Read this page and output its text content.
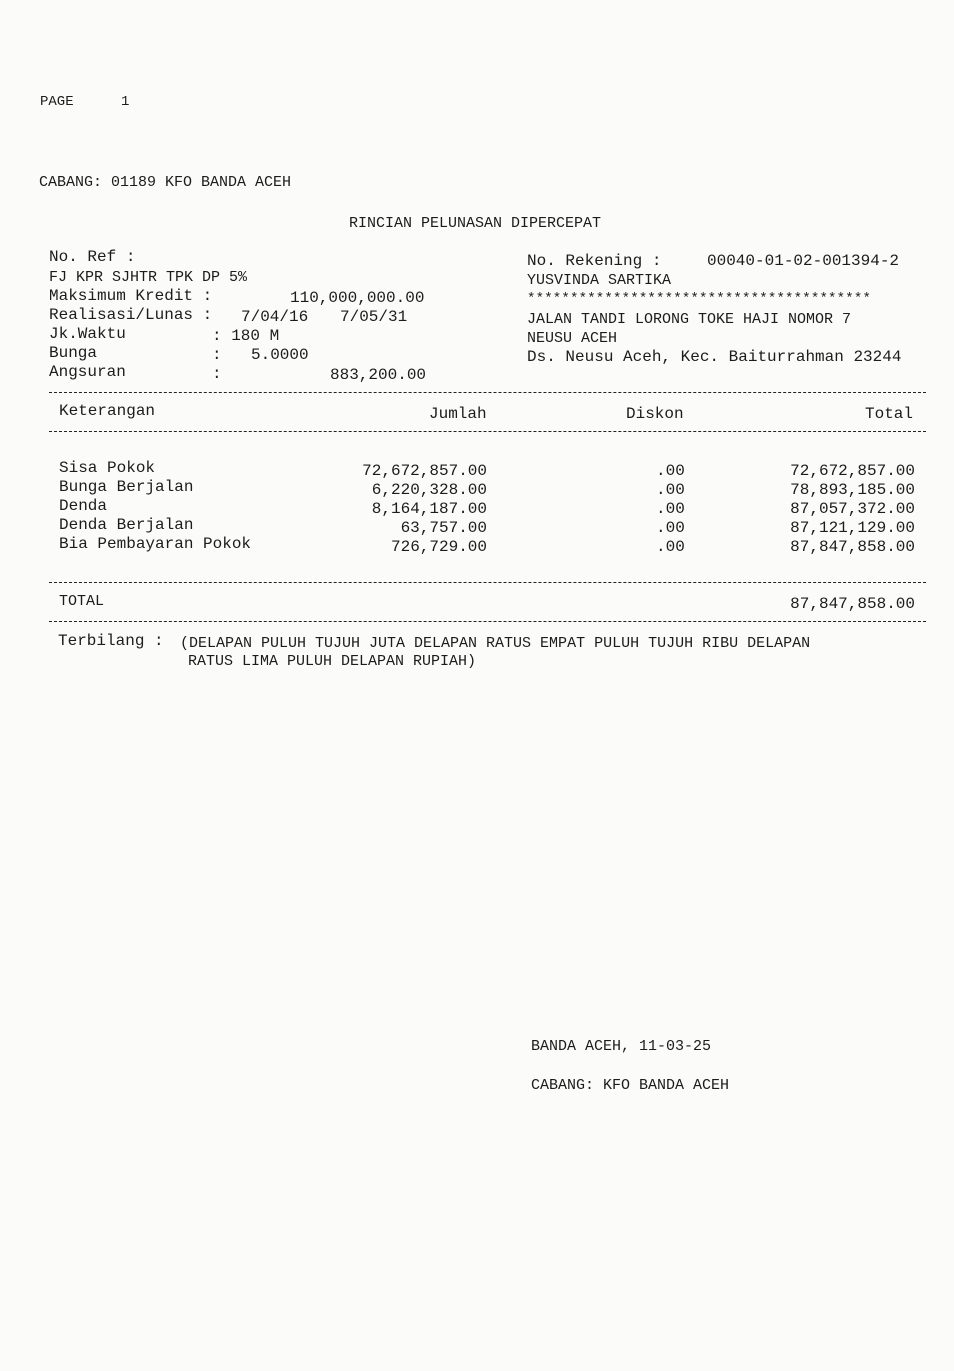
PAGE	1
CABANG: 01189 KFO BANDA ACEH
RINCIAN PELUNASAN DIPERCEPAT
No. Ref :
FJ KPR SJHTR TPK DP 5%
Maksimum Kredit :	110,000,000.00
Realisasi/Lunas : 7/04/16 7/05/31
Jk.Waktu	: 180 M
Bunga	: 5.0000
Angsuran	:	883,200.00
No. Rekening :	00040-01-02-001394-2
YUSVINDA SARTIKA
****************************************
JALAN TANDI LORONG TOKE HAJI NOMOR 7
NEUSU ACEH
Ds. Neusu Aceh, Kec. Baiturrahman 23244
Keterangan	Jumlah	Diskon	Total
Sisa Pokok	72,672,857.00	.00	72,672,857.00
Bunga Berjalan	6,220,328.00	.00	78,893,185.00
Denda	8,164,187.00	.00	87,057,372.00
Denda Berjalan	63,757.00	.00	87,121,129.00
Bia Pembayaran Pokok	726,729.00	.00	87,847,858.00
TOTAL	87,847,858.00
Terbilang : (DELAPAN PULUH TUJUH JUTA DELAPAN RATUS EMPAT PULUH TUJUH RIBU DELAPAN
RATUS LIMA PULUH DELAPAN RUPIAH)
BANDA ACEH, 11-03-25
CABANG: KFO BANDA ACEH
